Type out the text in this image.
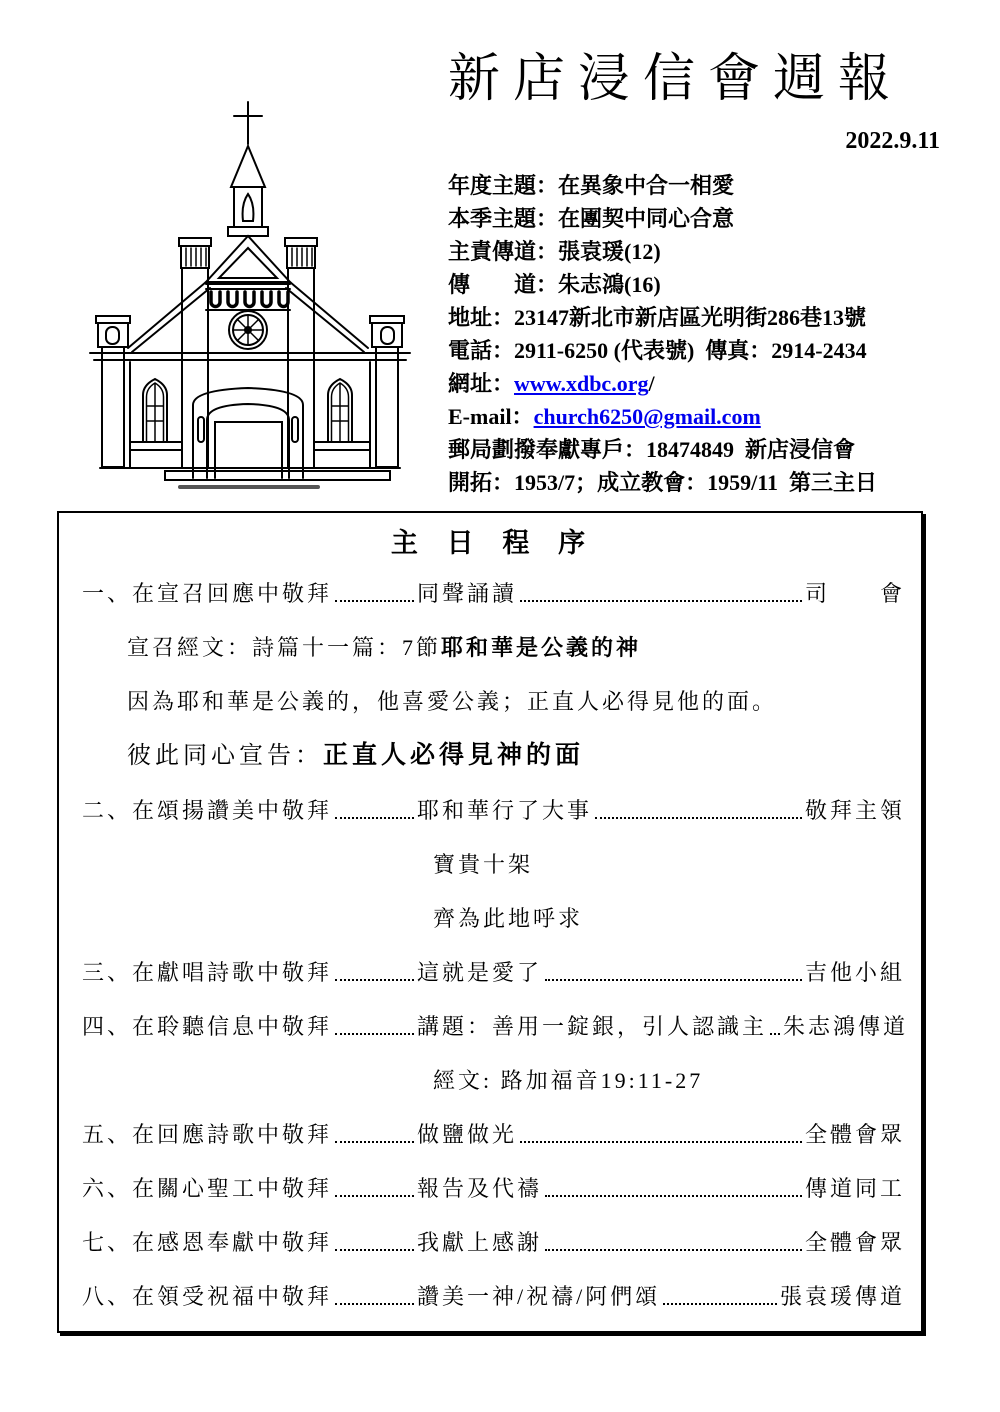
新店浸信會週報
2022.9.11
年度主題：在異象中合一相愛
本季主題：在團契中同心合意
主責傳道：張袁瑗(12)
傳　　道：朱志鴻(16)
地址：23147新北市新店區光明街286巷13號
電話：2911-6250 (代表號)  傳真：2914-2434
網址：www.xdbc.org/
E-mail：church6250@gmail.com
郵局劃撥奉獻專戶：18474849  新店浸信會
開拓：1953/7；成立教會：1959/11  第三主日
主 日 程 序
一、 在宣召回應中敬拜	同聲誦讀	司　　會
宣召經文：詩篇十一篇：7節耶和華是公義的神
因為耶和華是公義的，他喜愛公義；正直人必得見他的面。
彼此同心宣告：正直人必得見神的面
二、 在頌揚讚美中敬拜	耶和華行了大事	敬拜主領
寶貴十架
齊為此地呼求
三、 在獻唱詩歌中敬拜	這就是愛了	吉他小組
四、 在聆聽信息中敬拜	講題：善用一錠銀，引人認識主 朱志鴻傳道
經文: 路加福音19:11-27
五、 在回應詩歌中敬拜	做鹽做光	全體會眾
六、 在關心聖工中敬拜	報告及代禱	傳道同工
七、 在感恩奉獻中敬拜	我獻上感謝	全體會眾
八、 在領受祝福中敬拜	讚美一神/祝禱/阿們頌	張袁瑗傳道
